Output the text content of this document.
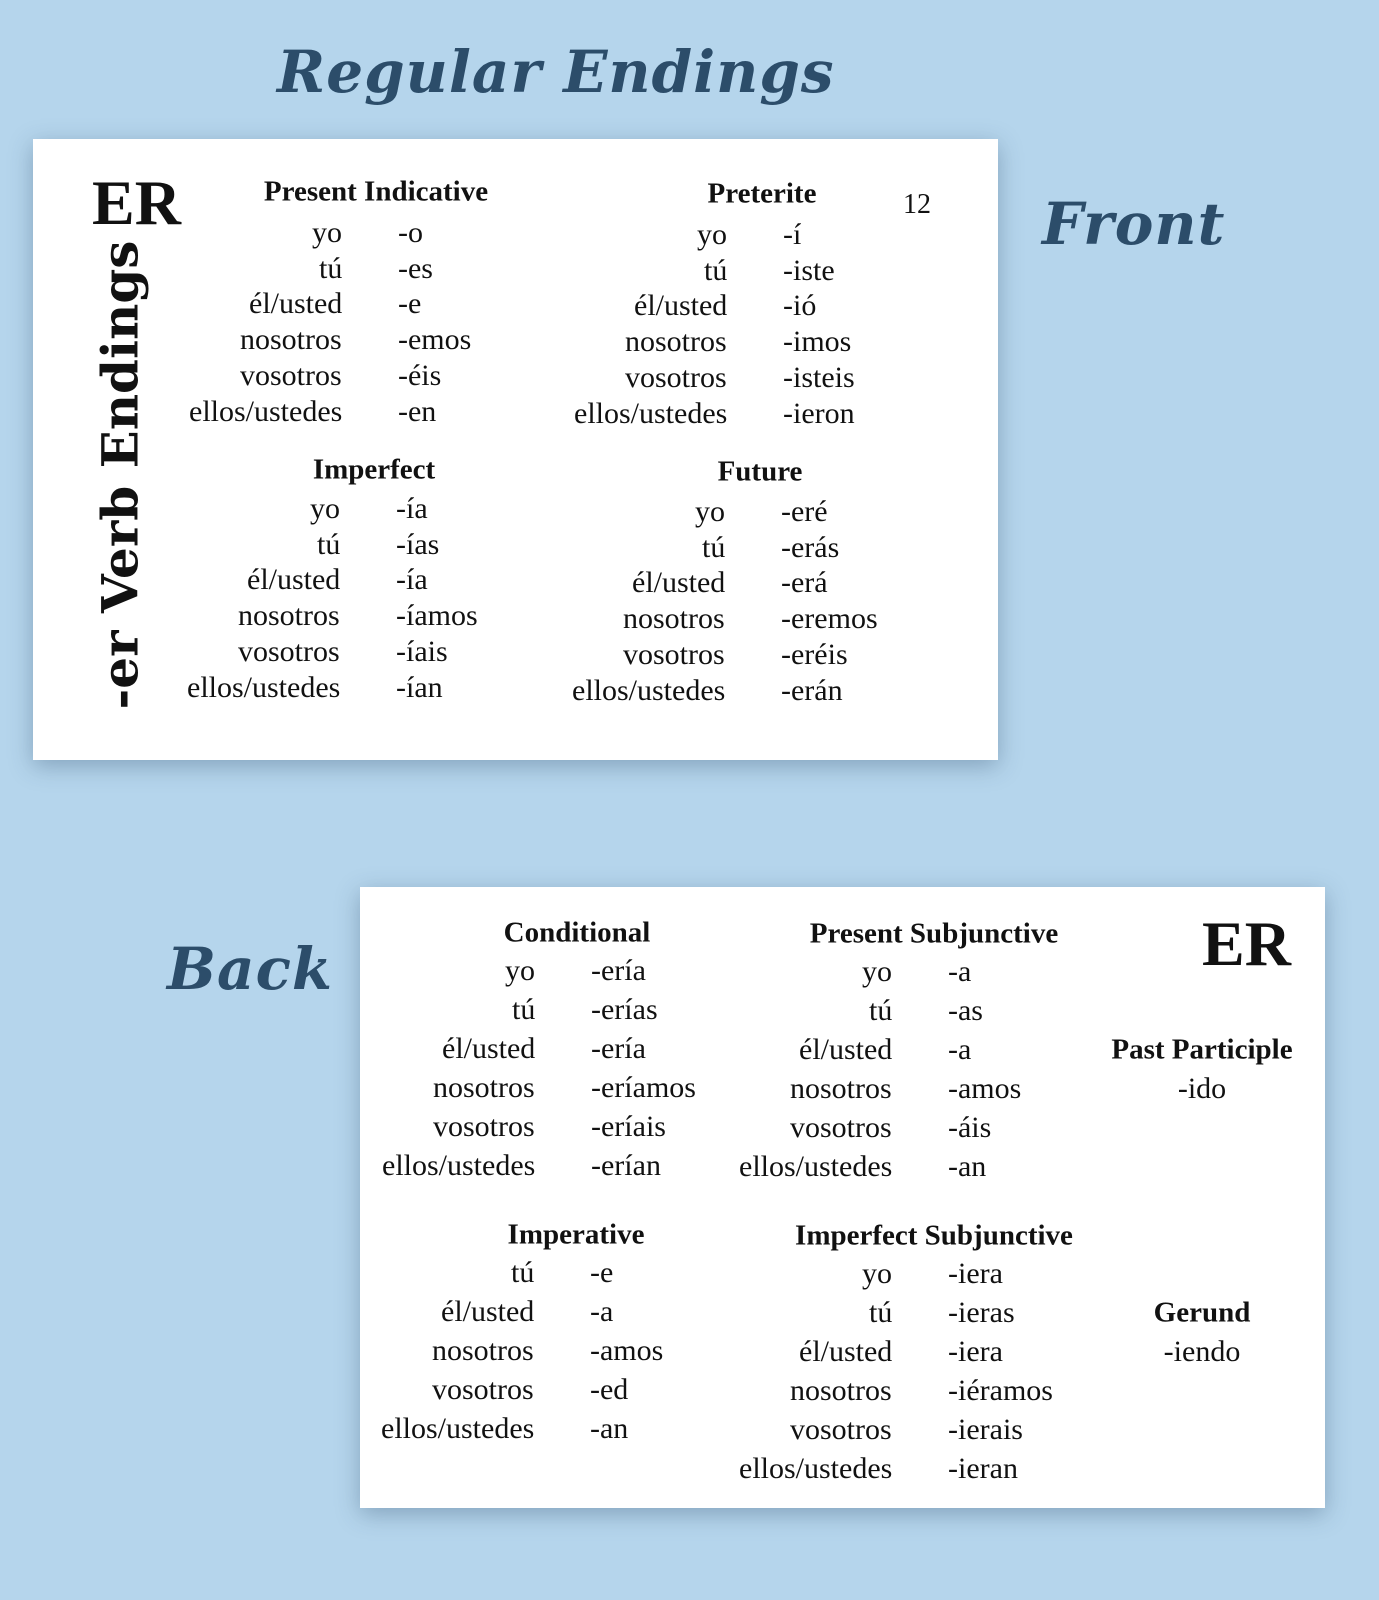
Regular Endings
Front
Back
ER
-er Verb Endings
12
Present Indicative
yo -o
tú -es
él/usted -e
nosotros -emos
vosotros -éis
ellos/ustedes -en
Preterite
yo -í
tú -iste
él/usted -ió
nosotros -imos
vosotros -isteis
ellos/ustedes -ieron
Imperfect
yo -ía
tú -ías
él/usted -ía
nosotros -íamos
vosotros -íais
ellos/ustedes -ían
Future
yo -eré
tú -erás
él/usted -erá
nosotros -eremos
vosotros -eréis
ellos/ustedes -erán
ER
Past Participle
-ido
Gerund
-iendo
Conditional
yo -ería
tú -erías
él/usted -ería
nosotros -eríamos
vosotros -eríais
ellos/ustedes -erían
Present Subjunctive
yo -a
tú -as
él/usted -a
nosotros -amos
vosotros -áis
ellos/ustedes -an
Imperative
tú -e
él/usted -a
nosotros -amos
vosotros -ed
ellos/ustedes -an
Imperfect Subjunctive
yo -iera
tú -ieras
él/usted -iera
nosotros -iéramos
vosotros -ierais
ellos/ustedes -ieran
